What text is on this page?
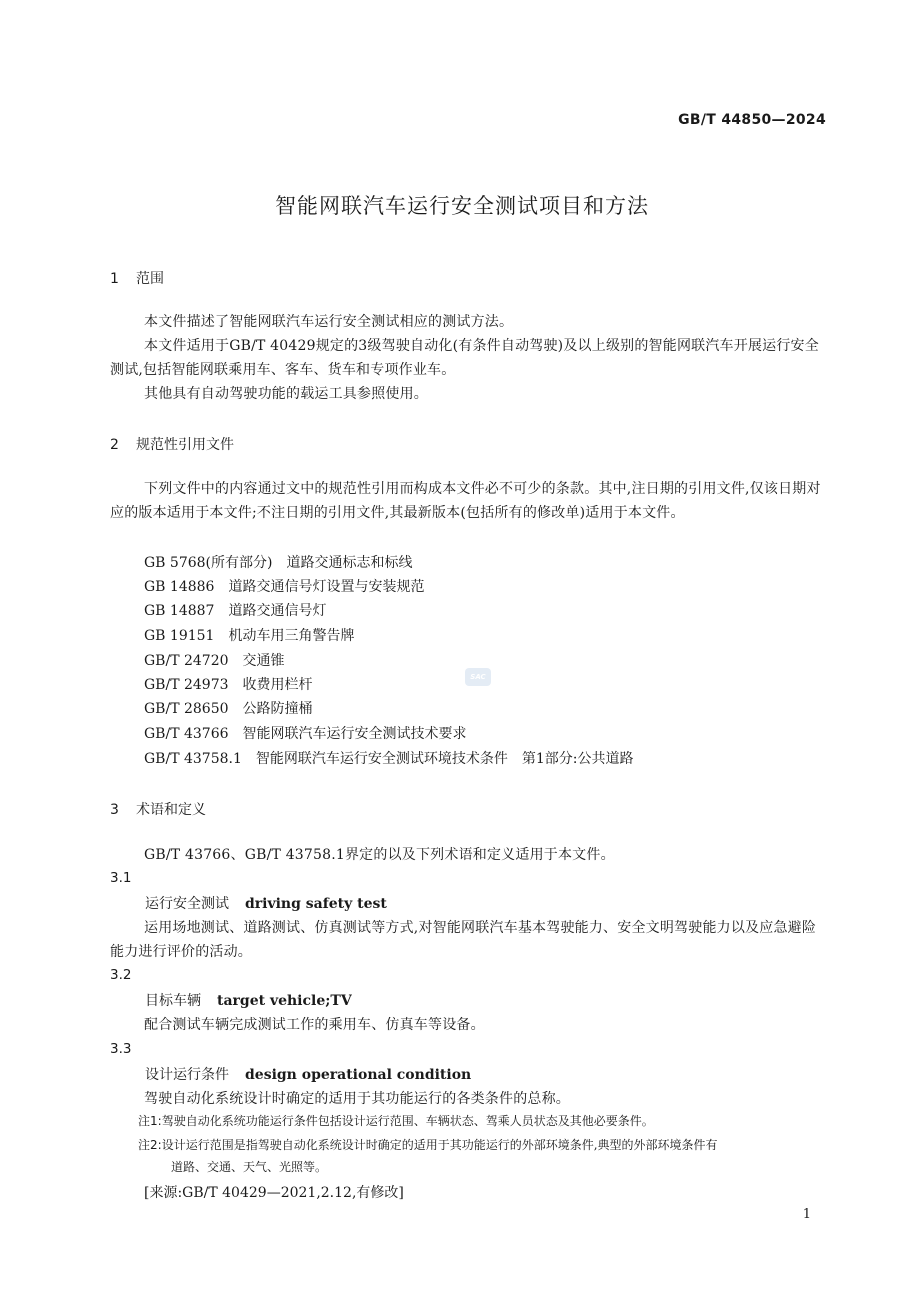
GB/T 44850—2024
智能网联汽车运行安全测试项目和方法
1 范围
本文件描述了智能网联汽车运行安全测试相应的测试方法。
本文件适用于GB/T 40429规定的3级驾驶自动化(有条件自动驾驶)及以上级别的智能网联汽车开展运行安全测试,包括智能网联乘用车、客车、货车和专项作业车。
其他具有自动驾驶功能的载运工具参照使用。
2 规范性引用文件
下列文件中的内容通过文中的规范性引用而构成本文件必不可少的条款。其中,注日期的引用文件,仅该日期对应的版本适用于本文件;不注日期的引用文件,其最新版本(包括所有的修改单)适用于本文件。
GB 5768(所有部分) 道路交通标志和标线
GB 14886 道路交通信号灯设置与安装规范
GB 14887 道路交通信号灯
GB 19151 机动车用三角警告牌
GB/T 24720 交通锥
GB/T 24973 收费用栏杆
GB/T 28650 公路防撞桶
GB/T 43766 智能网联汽车运行安全测试技术要求
GB/T 43758.1 智能网联汽车运行安全测试环境技术条件　第1部分:公共道路
SAC
3 术语和定义
GB/T 43766、GB/T 43758.1界定的以及下列术语和定义适用于本文件。
3.1
运行安全测试 driving safety test
运用场地测试、道路测试、仿真测试等方式,对智能网联汽车基本驾驶能力、安全文明驾驶能力以及应急避险能力进行评价的活动。
3.2
目标车辆 target vehicle;TV
配合测试车辆完成测试工作的乘用车、仿真车等设备。
3.3
设计运行条件 design operational condition
驾驶自动化系统设计时确定的适用于其功能运行的各类条件的总称。
注1:驾驶自动化系统功能运行条件包括设计运行范围、车辆状态、驾乘人员状态及其他必要条件。
注2:设计运行范围是指驾驶自动化系统设计时确定的适用于其功能运行的外部环境条件,典型的外部环境条件有
道路、交通、天气、光照等。
[来源:GB/T 40429—2021,2.12,有修改]
1
